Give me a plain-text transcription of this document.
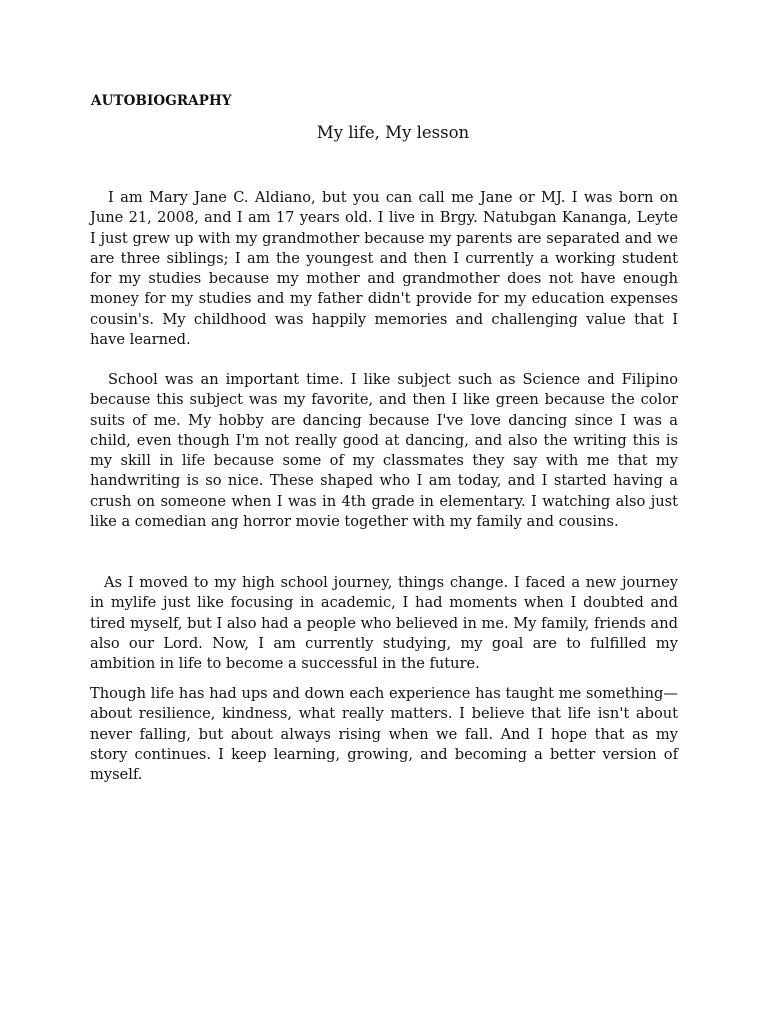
AUTOBIOGRAPHY
My life, My lesson

I am Mary Jane C. Aldiano, but you can call me Jane or MJ. I was born on June 21, 2008, and I am 17 years old. I live in Brgy. Natubgan Kananga, Leyte I just grew up with my grandmother because my parents are separated and we are three siblings; I am the youngest and then I currently a working student for my studies because my mother and grandmother does not have enough money for my studies and my father didn't provide for my education expenses cousin's. My childhood was happily memories and challenging value that I have learned.

School was an important time. I like subject such as Science and Filipino because this subject was my favorite, and then I like green because the color suits of me. My hobby are dancing because I've love dancing since I was a child, even though I'm not really good at dancing, and also the writing this is my skill in life because some of my classmates they say with me that my handwriting is so nice. These shaped who I am today, and I started having a crush on someone when I was in 4th grade in elementary. I watching also just like a comedian ang horror movie together with my family and cousins.

As I moved to my high school journey, things change. I faced a new journey in mylife just like focusing in academic, I had moments when I doubted and tired myself, but I also had a people who believed in me. My family, friends and also our Lord. Now, I am currently studying, my goal are to fulfilled my ambition in life to become a successful in the future.

Though life has had ups and down each experience has taught me something—about resilience, kindness, what really matters. I believe that life isn't about never falling, but about always rising when we fall. And I hope that as my story continues. I keep learning, growing, and becoming a better version of myself.
